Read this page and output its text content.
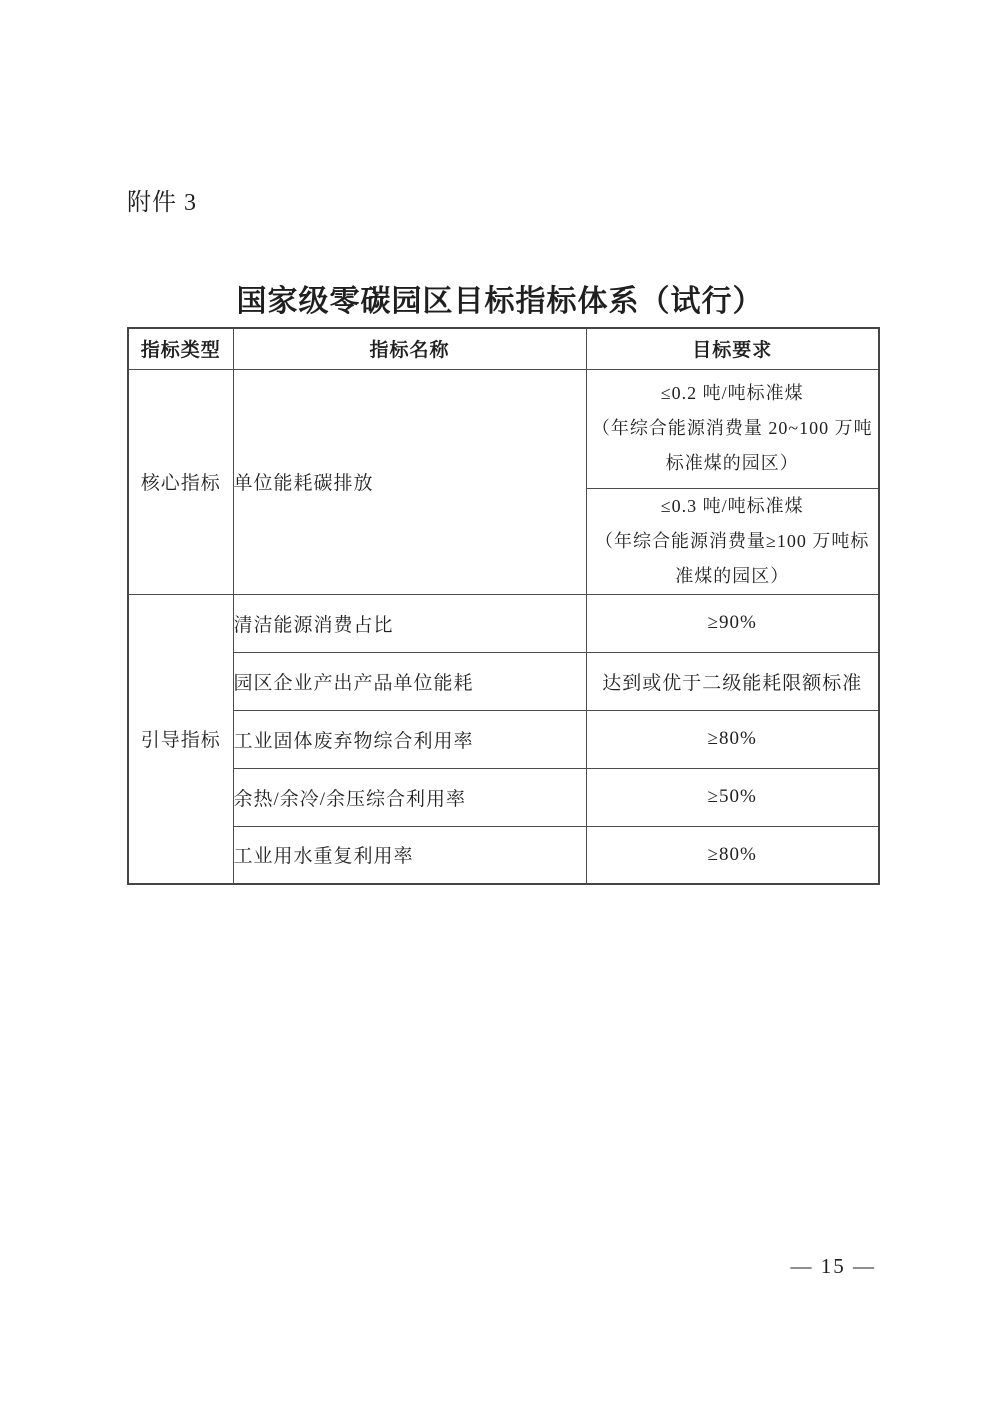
附件 3
国家级零碳园区目标指标体系（试行）
指标类型	指标名称	目标要求
核心指标	单位能耗碳排放	≤0.2 吨/吨标准煤
（年综合能源消费量 20~100 万吨
标准煤的园区）

		≤0.3 吨/吨标准煤
（年综合能源消费量≥100 万吨标
准煤的园区）

引导指标	清洁能源消费占比	≥90%
	园区企业产出产品单位能耗	达到或优于二级能耗限额标准
	工业固体废弃物综合利用率	≥80%
	余热/余冷/余压综合利用率	≥50%
	工业用水重复利用率	≥80%
— 15 —
